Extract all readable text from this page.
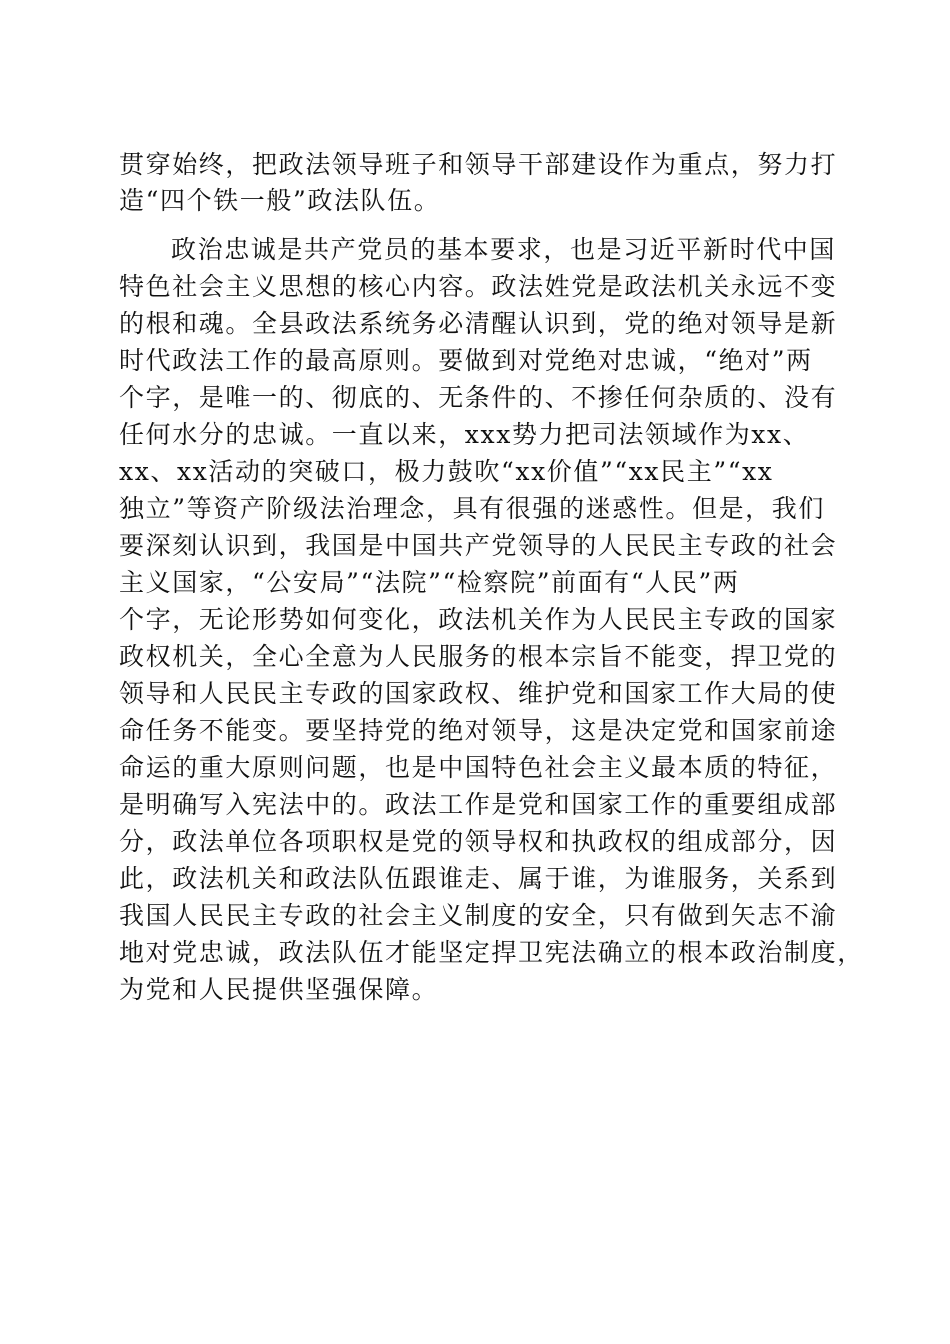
贯穿始终，把政法领导班子和领导干部建设作为重点，努力打
造“四个铁一般”政法队伍。
政治忠诚是共产党员的基本要求，也是习近平新时代中国
特色社会主义思想的核心内容。政法姓党是政法机关永远不变
的根和魂。全县政法系统务必清醒认识到，党的绝对领导是新
时代政法工作的最高原则。要做到对党绝对忠诚，“绝对”两
个字，是唯一的、彻底的、无条件的、不掺任何杂质的、没有
任何水分的忠诚。一直以来，xxx势力把司法领域作为xx、
xx、xx活动的突破口，极力鼓吹“xx价值”“xx民主”“xx
独立”等资产阶级法治理念，具有很强的迷惑性。但是，我们
要深刻认识到，我国是中国共产党领导的人民民主专政的社会
主义国家，“公安局”“法院”“检察院”前面有“人民”两
个字，无论形势如何变化，政法机关作为人民民主专政的国家
政权机关，全心全意为人民服务的根本宗旨不能变，捍卫党的
领导和人民民主专政的国家政权、维护党和国家工作大局的使
命任务不能变。要坚持党的绝对领导，这是决定党和国家前途
命运的重大原则问题，也是中国特色社会主义最本质的特征，
是明确写入宪法中的。政法工作是党和国家工作的重要组成部
分，政法单位各项职权是党的领导权和执政权的组成部分，因
此，政法机关和政法队伍跟谁走、属于谁，为谁服务，关系到
我国人民民主专政的社会主义制度的安全，只有做到矢志不渝
地对党忠诚，政法队伍才能坚定捍卫宪法确立的根本政治制度，
为党和人民提供坚强保障。
